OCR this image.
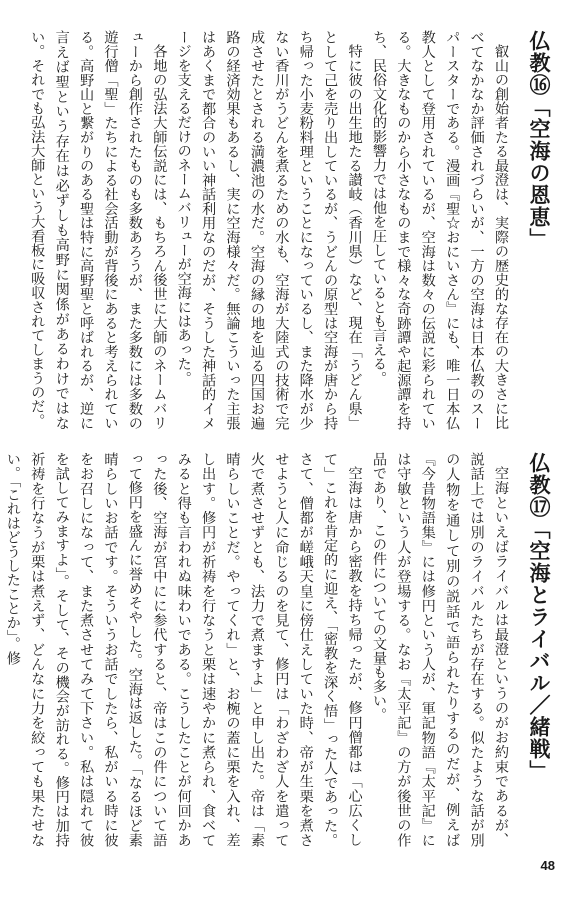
仏教⑯「空海の恩恵」

叡山の創始者たる最澄は、実際の歴史的な存在の大きさに比べてなかなか評価されづらいが、一方の空海は日本仏教のスーパースターである。漫画『聖☆おにいさん』にも、唯一日本仏教人として登用されているが、空海は数々の伝説に彩られている。大きなものから小さなものまで様々な奇跡譚や起源譚を持ち、民俗文化的影響力では他を圧しているとも言える。

特に彼の出生地たる讃岐（香川県）など、現在「うどん県」として己を売り出しているが、うどんの原型は空海が唐から持ち帰った小麦粉料理ということになっているし、また降水が少ない香川がうどんを煮るための水も、空海が大陸式の技術で完成させたとされる満濃池の水だ。空海の縁の地を辿る四国お遍路の経済効果もあるし、実に空海様々だ。無論こういった主張はあくまで都合のいい神話利用なのだが、そうした神話的イメージを支えるだけのネームバリューが空海にはあった。

各地の弘法大師伝説には、もちろん後世に大師のネームバリューから創作されたものも多数あろうが、また多数には多数の遊行僧「聖」たちによる社会活動が背後にあると考えられている。高野山と繋がりのある聖は特に高野聖と呼ばれるが、逆に言えば聖という存在は必ずしも高野に関係があるわけではない。それでも弘法大師という大看板に吸収されてしまうのだ。

仏教⑰「空海とライバル／緒戦」

空海といえばライバルは最澄というのがお約束であるが、説話上では別のライバルたちが存在する。似たような話が別の人物を通して別の説話で語られたりするのだが、例えば『今昔物語集』には修円という人が、軍記物語『太平記』には守敏という人が登場する。なお『太平記』の方が後世の作品であり、この件についての文量も多い。

空海は唐から密教を持ち帰ったが、修円僧都は「心広くして」これを肯定的に迎え、「密教を深く悟」った人であった。さて、僧都が嵯峨天皇に傍仕えしていた時、帝が生栗を煮させようと人に命じるのを見て、修円は「わざわざ人を遣って火で煮させずとも、法力で煮ますよ」と申し出た。帝は「素晴らしいことだ。やってくれ」と、お椀の蓋に栗を入れ、差し出す。修円が祈祷を行なうと栗は速やかに煮られ、食べてみると得も言われぬ味わいである。こうしたことが何回かあった後、空海が宮中にに参代すると、帝はこの件について語って修円を盛んに誉めそやした。空海は返した。「なるほど素晴らしいお話です。そういうお話でしたら、私がいる時に彼をお召しになって、また煮させてみて下さい。私は隠れて彼を試してみますよ」。そして、その機会が訪れる。修円は加持祈祷を行なうが栗は煮えず、どんなに力を絞っても果たせない。「これはどうしたことか」。修

48
